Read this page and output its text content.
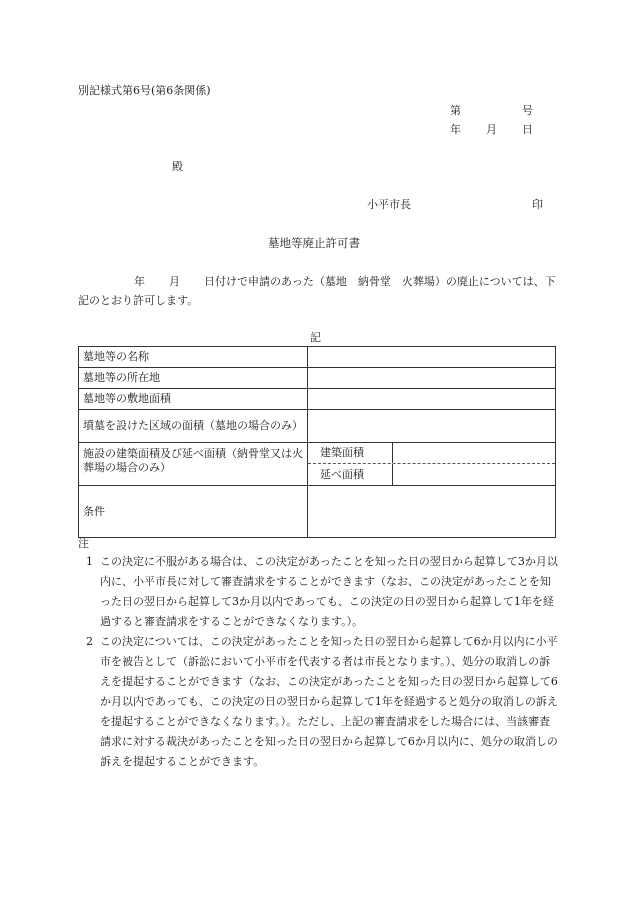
別記様式第6号(第6条関係)
第	号
年 月 日
殿
小平市長	印
墓地等廃止許可書
年 月 日付けで申請のあった（墓地　納骨堂　火葬場）の廃止については、下記のとおり許可します。
記
墓地等の名称	
墓地等の所在地	
墓地等の敷地面積	
墳墓を設けた区域の面積（墓地の場合のみ）	
施設の建築面積及び延べ面積（納骨堂又は火葬場の場合のみ）	建築面積
延べ面積

条件	
注
1 この決定に不服がある場合は、この決定があったことを知った日の翌日から起算して3か月以内に、小平市長に対して審査請求をすることができます（なお、この決定があったことを知った日の翌日から起算して3か月以内であっても、この決定の日の翌日から起算して1年を経過すると審査請求をすることができなくなります。）。
2 この決定については、この決定があったことを知った日の翌日から起算して6か月以内に小平市を被告として（訴訟において小平市を代表する者は市長となります。）、処分の取消しの訴えを提起することができます（なお、この決定があったことを知った日の翌日から起算して6か月以内であっても、この決定の日の翌日から起算して1年を経過すると処分の取消しの訴えを提起することができなくなります。）。ただし、上記の審査請求をした場合には、当該審査請求に対する裁決があったことを知った日の翌日から起算して6か月以内に、処分の取消しの訴えを提起することができます。
